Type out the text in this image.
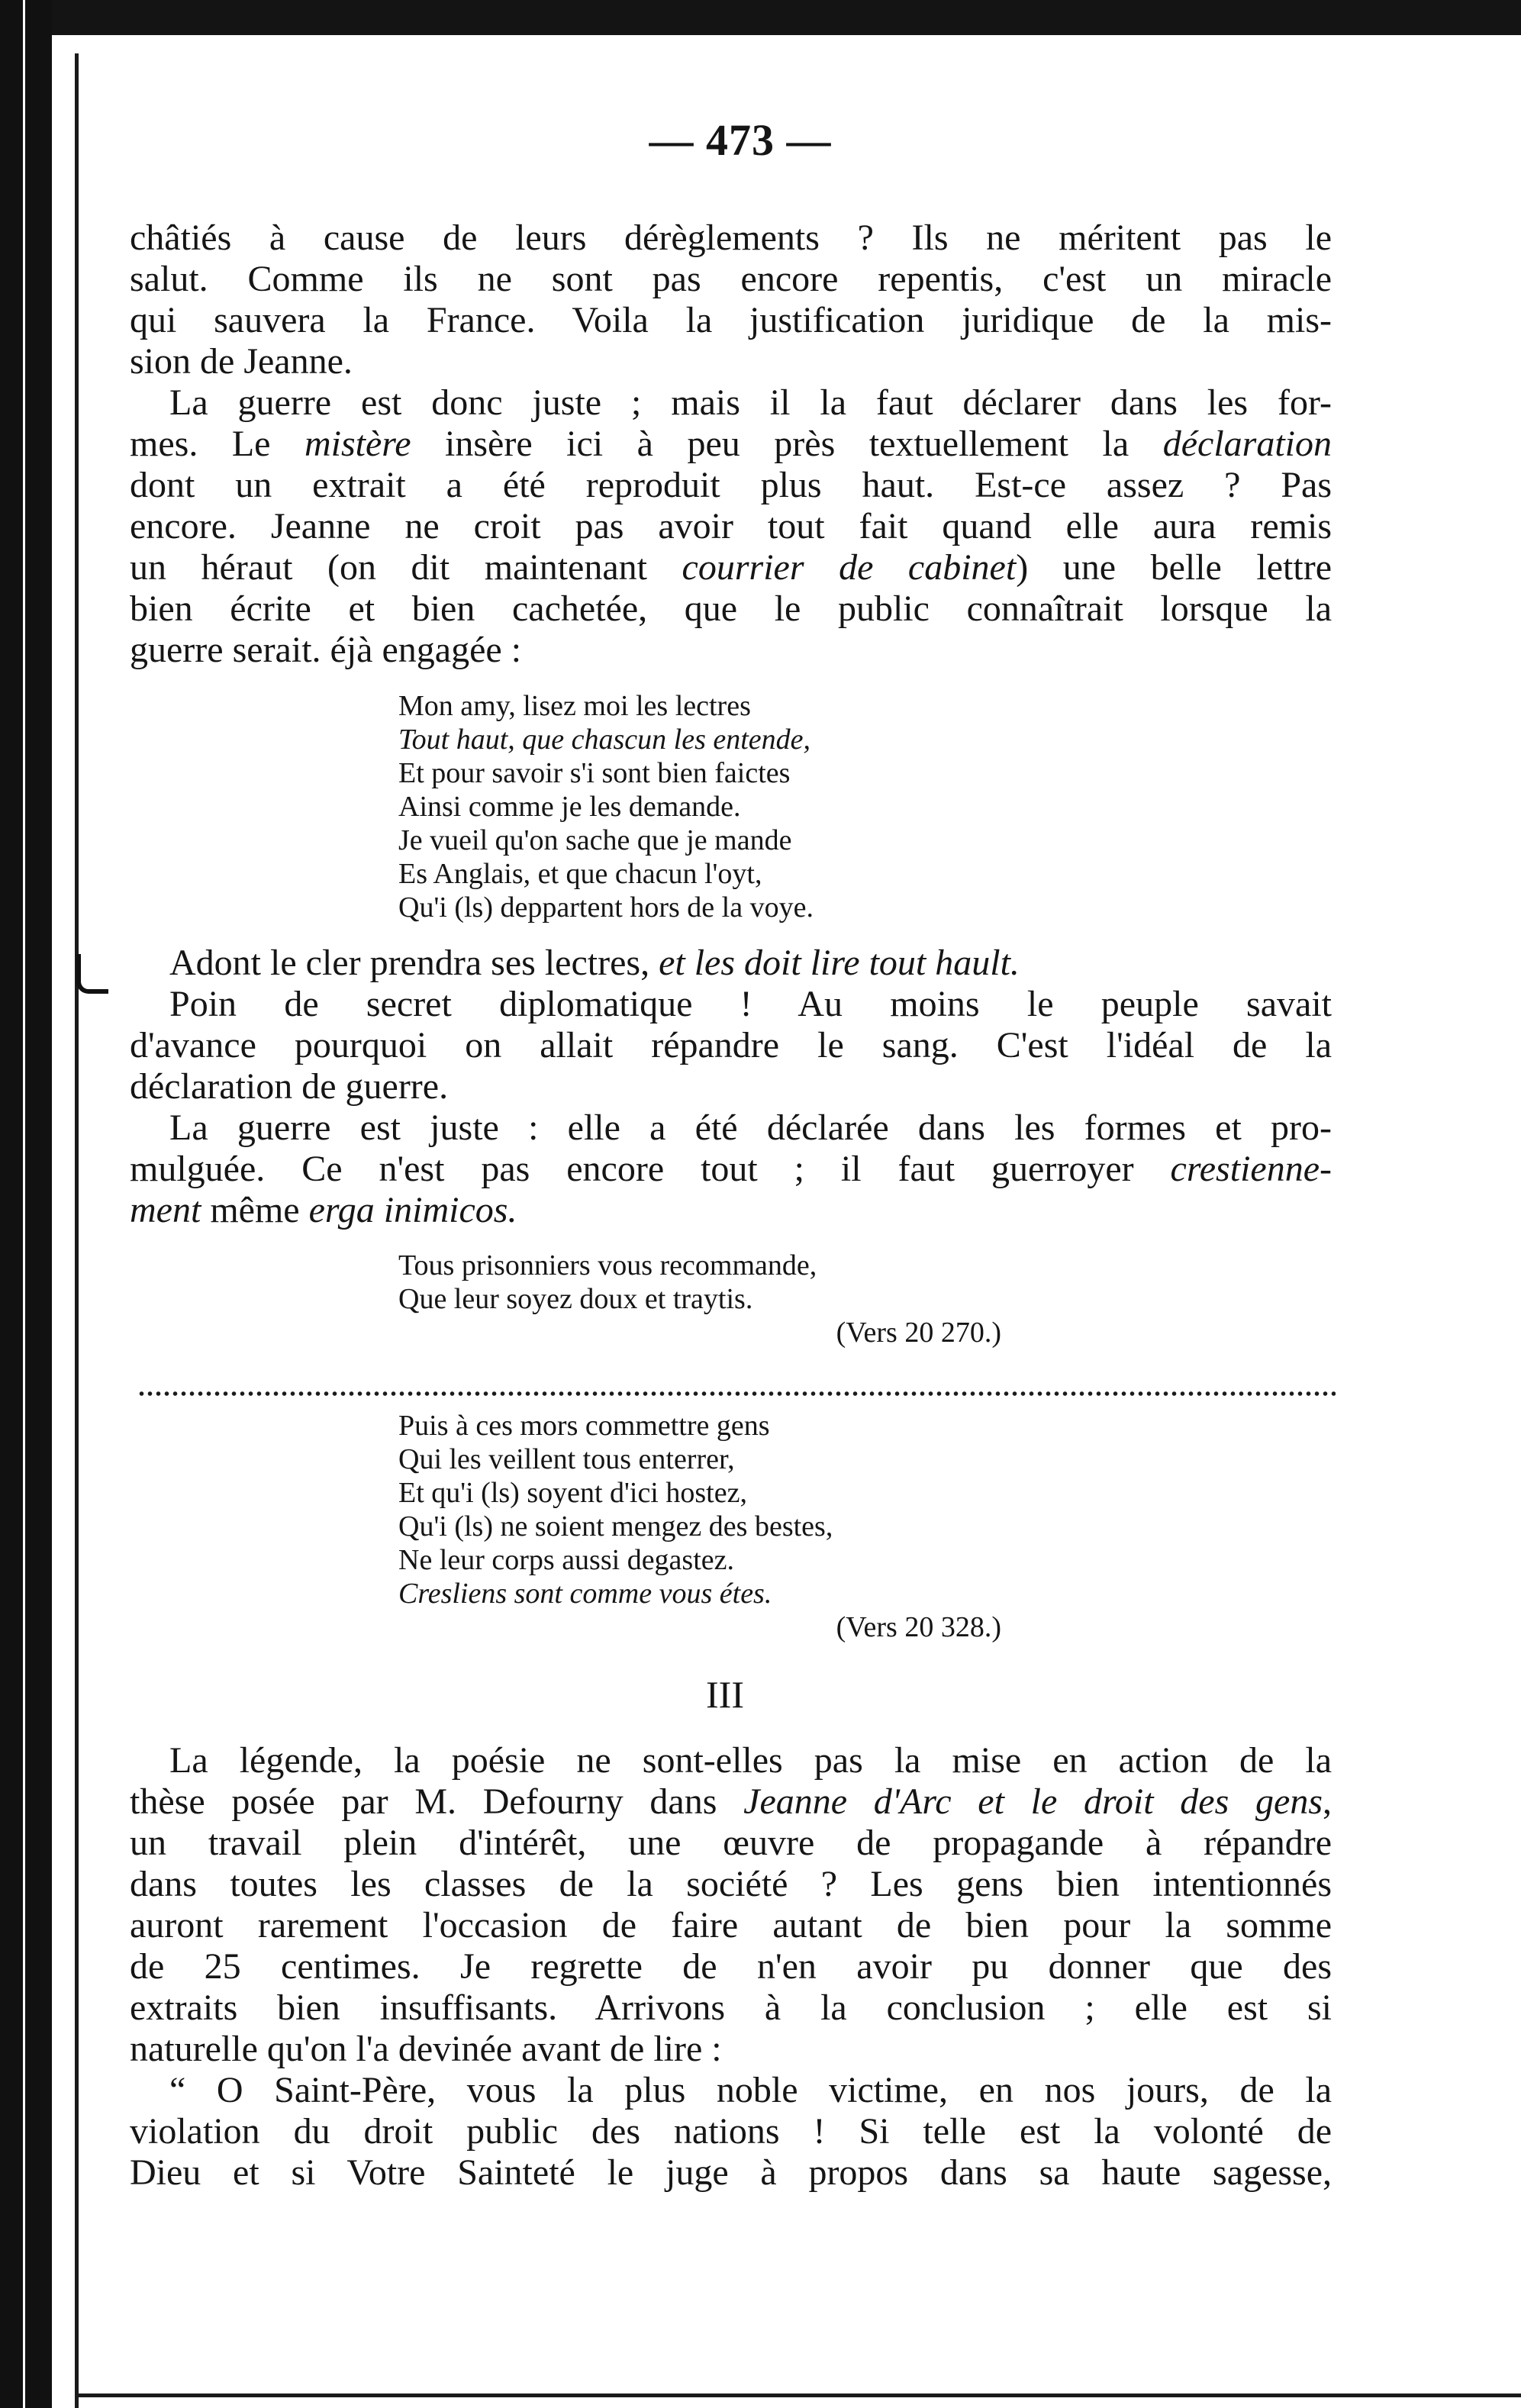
— 473 —
châtiés à cause de leurs dérèglements ? Ils ne méritent pas le
salut. Comme ils ne sont pas encore repentis, c'est un miracle
qui sauvera la France. Voila la justification juridique de la mis-
sion de Jeanne.
La guerre est donc juste ; mais il la faut déclarer dans les for-
mes. Le mistère insère ici à peu près textuellement la déclaration
dont un extrait a été reproduit plus haut. Est-ce assez ? Pas
encore. Jeanne ne croit pas avoir tout fait quand elle aura remis
un héraut (on dit maintenant courrier de cabinet) une belle lettre
bien écrite et bien cachetée, que le public connaîtrait lorsque la
guerre serait. éjà engagée :
Mon amy, lisez moi les lectres
Tout haut, que chascun les entende,
Et pour savoir s'i sont bien faictes
Ainsi comme je les demande.
Je vueil qu'on sache que je mande
Es Anglais, et que chacun l'oyt,
Qu'i (ls) deppartent hors de la voye.
Adont le cler prendra ses lectres, et les doit lire tout hault.
Poin de secret diplomatique ! Au moins le peuple savait
d'avance pourquoi on allait répandre le sang. C'est l'idéal de la
déclaration de guerre.
La guerre est juste : elle a été déclarée dans les formes et pro-
mulguée. Ce n'est pas encore tout ; il faut guerroyer crestienne-
ment même erga inimicos.
Tous prisonniers vous recommande,
Que leur soyez doux et traytis.
(Vers 20 270.)
Puis à ces mors commettre gens
Qui les veillent tous enterrer,
Et qu'i (ls) soyent d'ici hostez,
Qu'i (ls) ne soient mengez des bestes,
Ne leur corps aussi degastez.
Cresliens sont comme vous étes.
(Vers 20 328.)
III
La légende, la poésie ne sont-elles pas la mise en action de la
thèse posée par M. Defourny dans Jeanne d'Arc et le droit des gens,
un travail plein d'intérêt, une œuvre de propagande à répandre
dans toutes les classes de la société ? Les gens bien intentionnés
auront rarement l'occasion de faire autant de bien pour la somme
de 25 centimes. Je regrette de n'en avoir pu donner que des
extraits bien insuffisants. Arrivons à la conclusion ; elle est si
naturelle qu'on l'a devinée avant de lire :
“ O Saint-Père, vous la plus noble victime, en nos jours, de la
violation du droit public des nations ! Si telle est la volonté de
Dieu et si Votre Sainteté le juge à propos dans sa haute sagesse,
